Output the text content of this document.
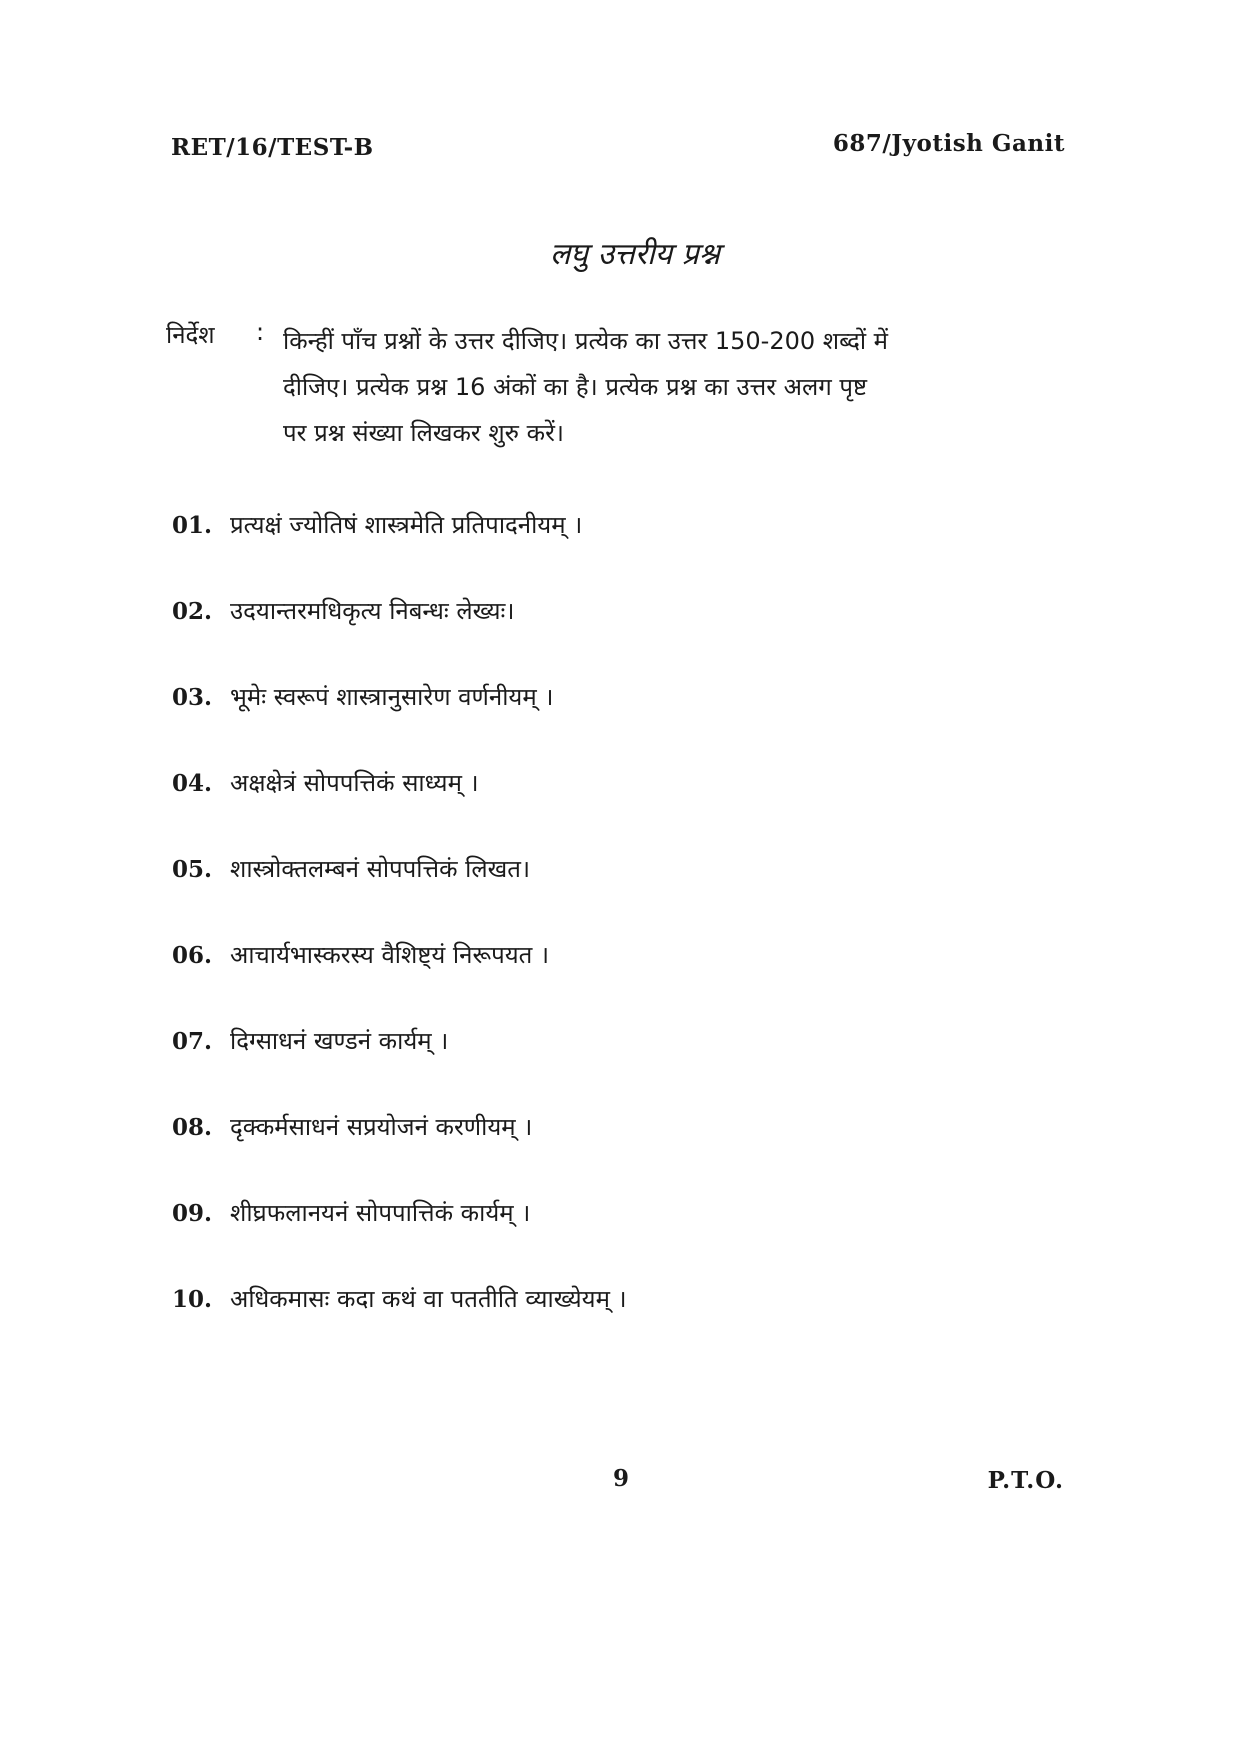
RET/16/TEST-B	687/Jyotish Ganit
लघु उत्तरीय प्रश्न
निर्देश : किन्हीं पाँच प्रश्नों के उत्तर दीजिए। प्रत्येक का उत्तर 150-200 शब्दों में
दीजिए। प्रत्येक प्रश्न 16 अंकों का है। प्रत्येक प्रश्न का उत्तर अलग पृष्ट
पर प्रश्न संख्या लिखकर शुरु करें।
01. प्रत्यक्षं ज्योतिषं शास्त्रमेति प्रतिपादनीयम् ।
02. उदयान्तरमधिकृत्य निबन्धः लेख्यः।
03. भूमेः स्वरूपं शास्त्रानुसारेण वर्णनीयम् ।
04. अक्षक्षेत्रं सोपपत्तिकं साध्यम् ।
05. शास्त्रोक्तलम्बनं सोपपत्तिकं लिखत।
06. आचार्यभास्करस्य वैशिष्ट्यं निरूपयत ।
07. दिग्साधनं खण्डनं कार्यम् ।
08. दृक्कर्मसाधनं सप्रयोजनं करणीयम् ।
09. शीघ्रफलानयनं सोपपात्तिकं कार्यम् ।
10. अधिकमासः कदा कथं वा पततीति व्याख्येयम् ।
9	P.T.O.
